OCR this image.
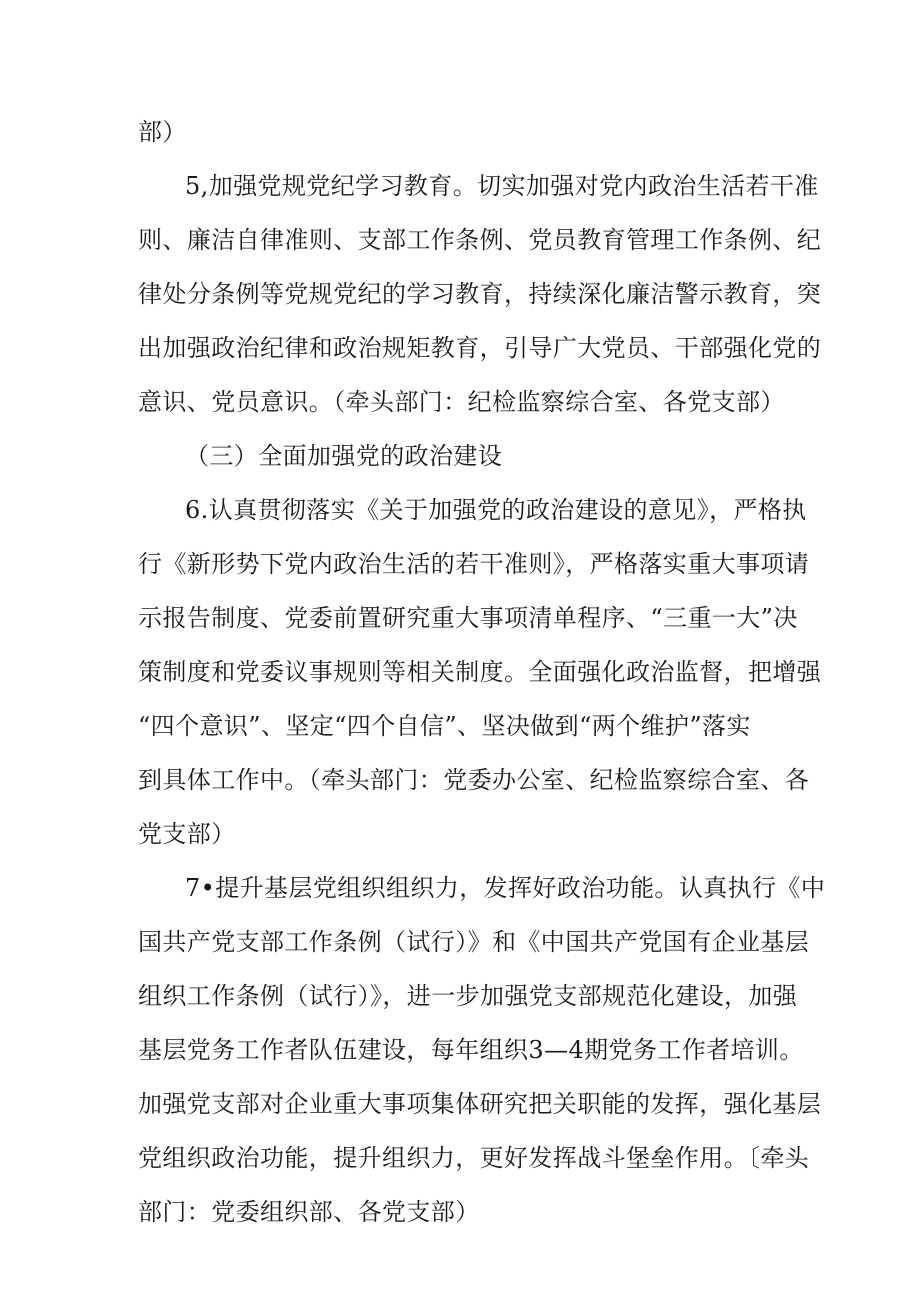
部）
5,加强党规党纪学习教育。切实加强对党内政治生活若干准
则、廉洁自律准则、支部工作条例、党员教育管理工作条例、纪
律处分条例等党规党纪的学习教育，持续深化廉洁警示教育，突
出加强政治纪律和政治规矩教育，引导广大党员、干部强化党的
意识、党员意识。（牵头部门：纪检监察综合室、各党支部）
（三）全面加强党的政治建设
6.认真贯彻落实《关于加强党的政治建设的意见》，严格执
行《新形势下党内政治生活的若干准则》，严格落实重大事项请
示报告制度、党委前置研究重大事项清单程序、“三重一大”决
策制度和党委议事规则等相关制度。全面强化政治监督，把增强
“四个意识”、坚定“四个自信”、坚决做到“两个维护”落实
到具体工作中。（牵头部门：党委办公室、纪检监察综合室、各
党支部）
7•提升基层党组织组织力，发挥好政治功能。认真执行《中
国共产党支部工作条例（试行）》和《中国共产党国有企业基层
组织工作条例（试行）》，进一步加强党支部规范化建设，加强
基层党务工作者队伍建设，每年组织3—4期党务工作者培训。
加强党支部对企业重大事项集体研究把关职能的发挥，强化基层
党组织政治功能，提升组织力，更好发挥战斗堡垒作用。〔牵头
部门：党委组织部、各党支部）
